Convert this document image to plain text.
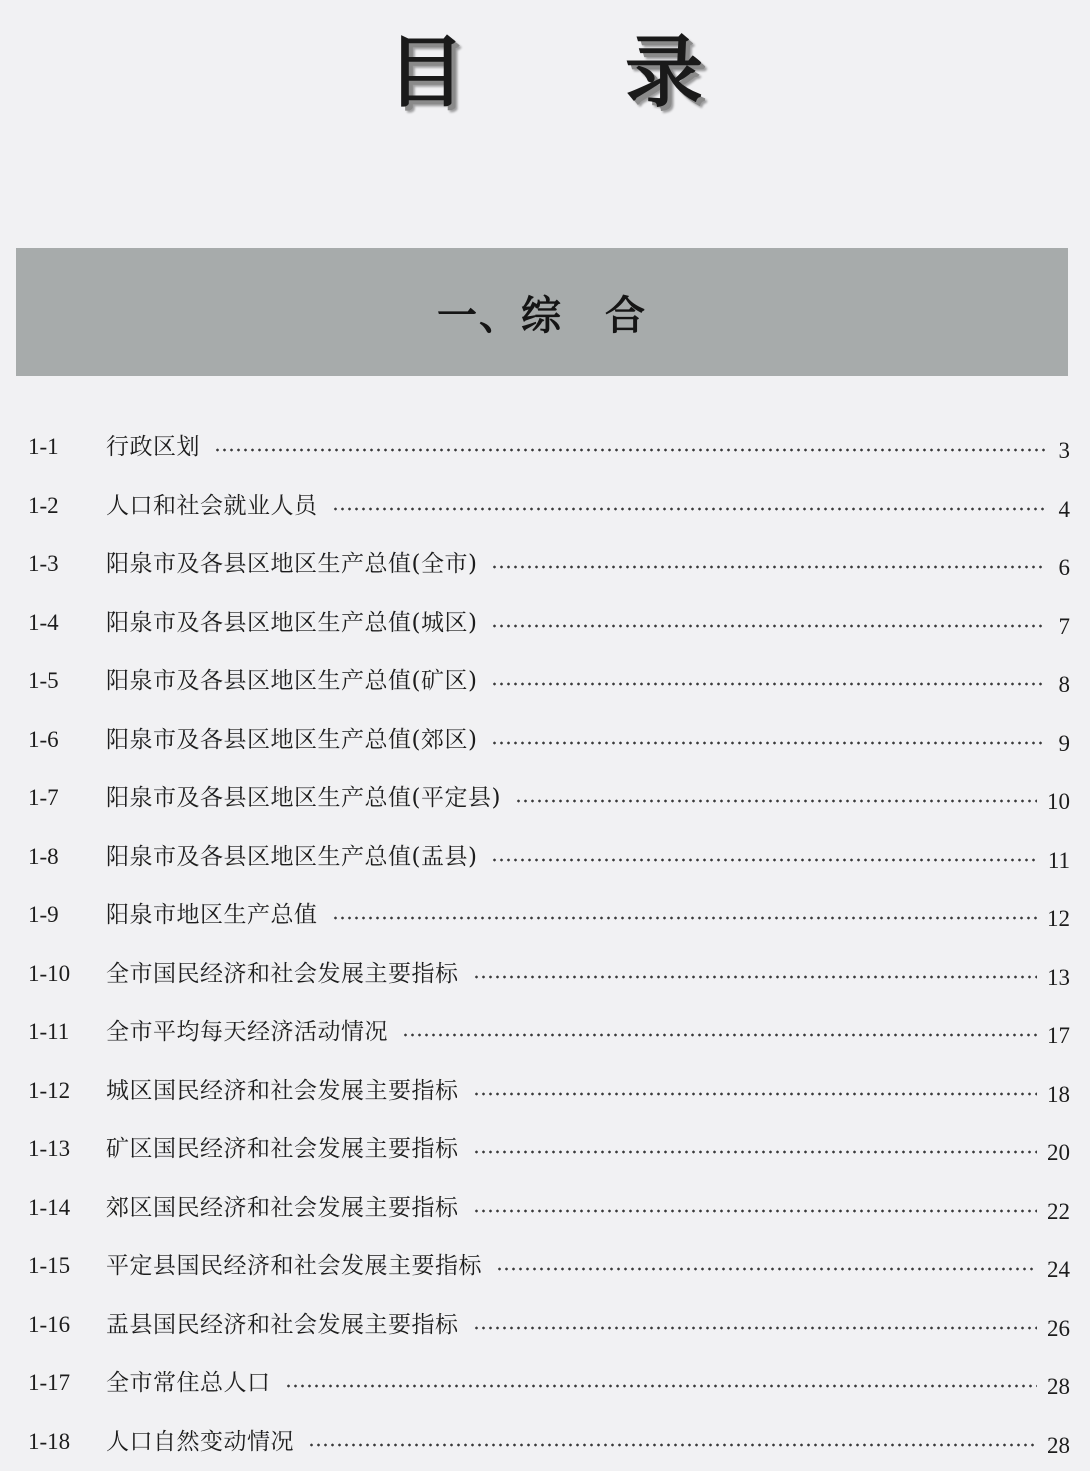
目 录
一、综　合
1-1	行政区划	3
1-2	人口和社会就业人员	4
1-3	阳泉市及各县区地区生产总值(全市)	6
1-4	阳泉市及各县区地区生产总值(城区)	7
1-5	阳泉市及各县区地区生产总值(矿区)	8
1-6	阳泉市及各县区地区生产总值(郊区)	9
1-7	阳泉市及各县区地区生产总值(平定县)	10
1-8	阳泉市及各县区地区生产总值(盂县)	11
1-9	阳泉市地区生产总值	12
1-10	全市国民经济和社会发展主要指标	13
1-11	全市平均每天经济活动情况	17
1-12	城区国民经济和社会发展主要指标	18
1-13	矿区国民经济和社会发展主要指标	20
1-14	郊区国民经济和社会发展主要指标	22
1-15	平定县国民经济和社会发展主要指标	24
1-16	盂县国民经济和社会发展主要指标	26
1-17	全市常住总人口	28
1-18	人口自然变动情况	28
